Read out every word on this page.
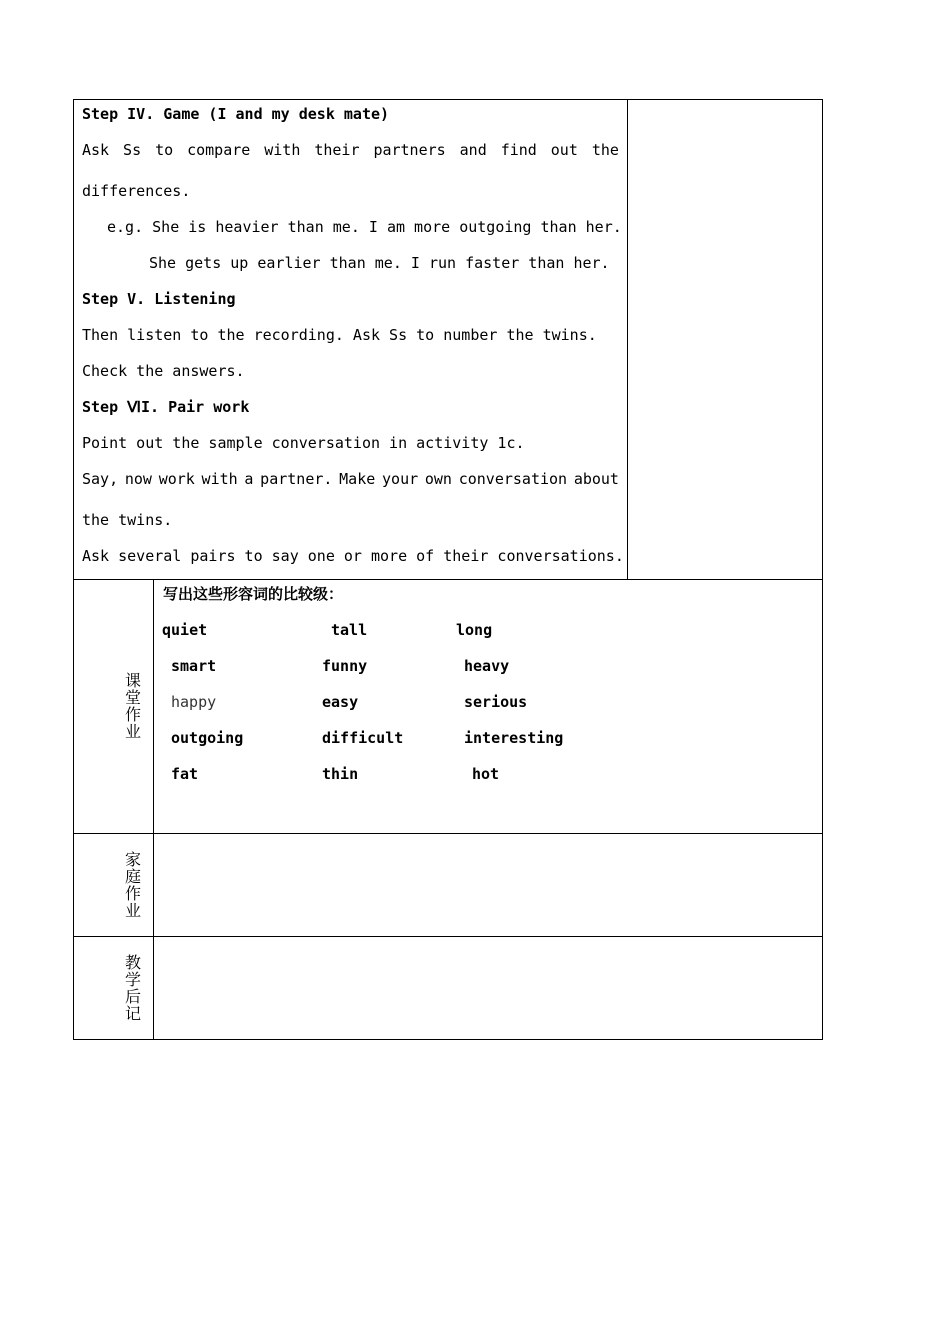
Step IV. Game (I and my desk mate)
Ask Ss to compare with their partners and find out the
differences.
e.g. She is heavier than me. I am more outgoing than her.
She gets up earlier than me. I run faster than her.
Step V. Listening
Then listen to the recording. Ask Ss to number the twins.
Check the answers.
Step ⅥI. Pair work
Point out the sample conversation in activity 1c.
Say, now work with a partner. Make your own conversation about
the twins.
Ask several pairs to say one or more of their conversations.
课堂作业
写出这些形容词的比较级：
quiet	tall	long
smart	funny	heavy
happy	easy	serious
outgoing	difficult	interesting
fat	thin	hot
家庭作业
教学后记
